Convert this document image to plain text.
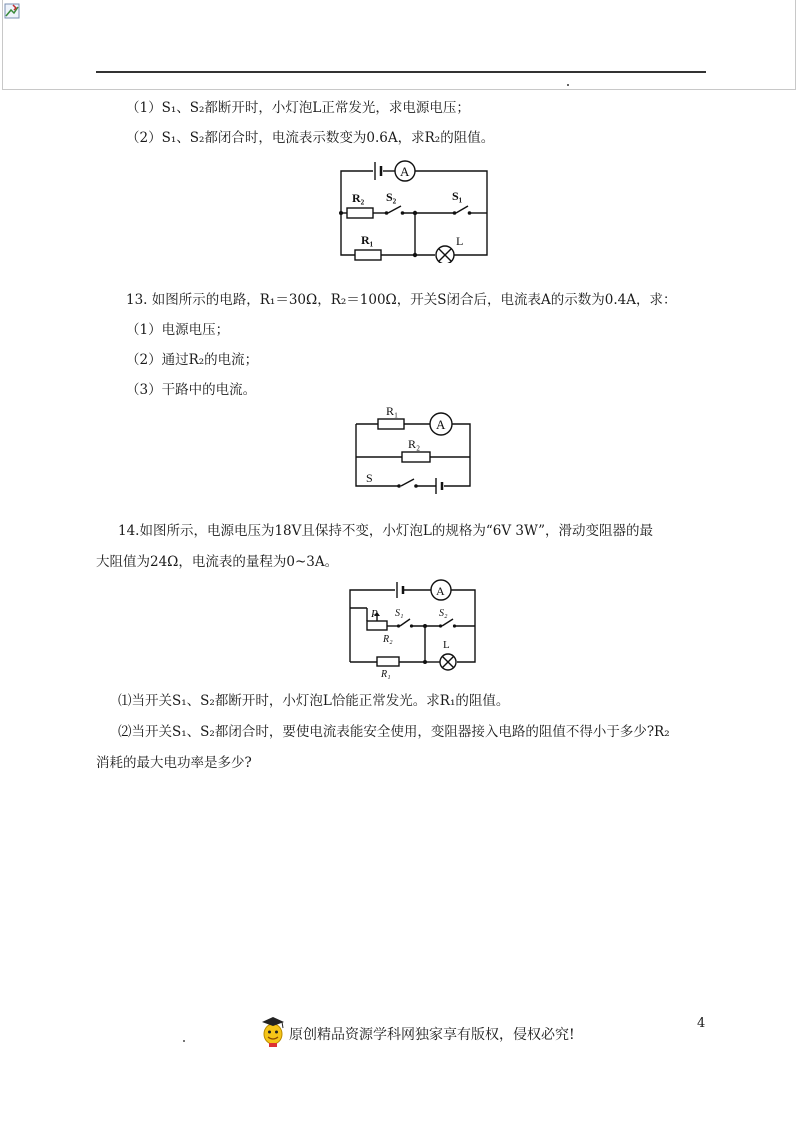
（1）S₁、S₂都断开时，小灯泡L正常发光，求电源电压；
（2）S₁、S₂都闭合时，电流表示数变为0.6A，求R₂的阻值。
A
R₂ S₂	S₁
R₁	L
13. 如图所示的电路，R₁＝30Ω，R₂＝100Ω，开关S闭合后，电流表A的示数为0.4A，求：
（1）电源电压；
（2）通过R₂的电流；
（3）干路中的电流。
R₁
A
R₂
S
14.如图所示，电源电压为18V且保持不变，小灯泡L的规格为“6V 3W”，滑动变阻器的最
大阻值为24Ω，电流表的量程为0~3A。
A
P S₁	S₂
R₂	L
R₁
⑴当开关S₁、S₂都断开时，小灯泡L恰能正常发光。求R₁的阻值。
⑵当开关S₁、S₂都闭合时，要使电流表能安全使用，变阻器接入电路的阻值不得小于多少?R₂
消耗的最大电功率是多少?
4
原创精品资源学科网独家享有版权，侵权必究!
